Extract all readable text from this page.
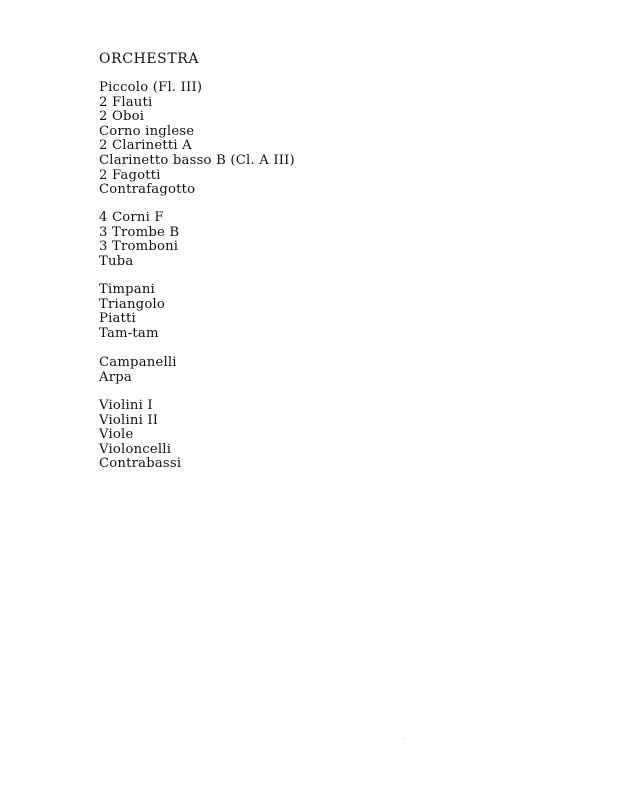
ORCHESTRA
Piccolo (Fl. III)
2 Flauti
2 Oboi
Corno inglese
2 Clarinetti A
Clarinetto basso B (Cl. A III)
2 Fagotti
Contrafagotto
4 Corni F
3 Trombe B
3 Tromboni
Tuba
Timpani
Triangolo
Piatti
Tam-tam
Campanelli
Arpa
Violini I
Violini II
Viole
Violoncelli
Contrabassi
